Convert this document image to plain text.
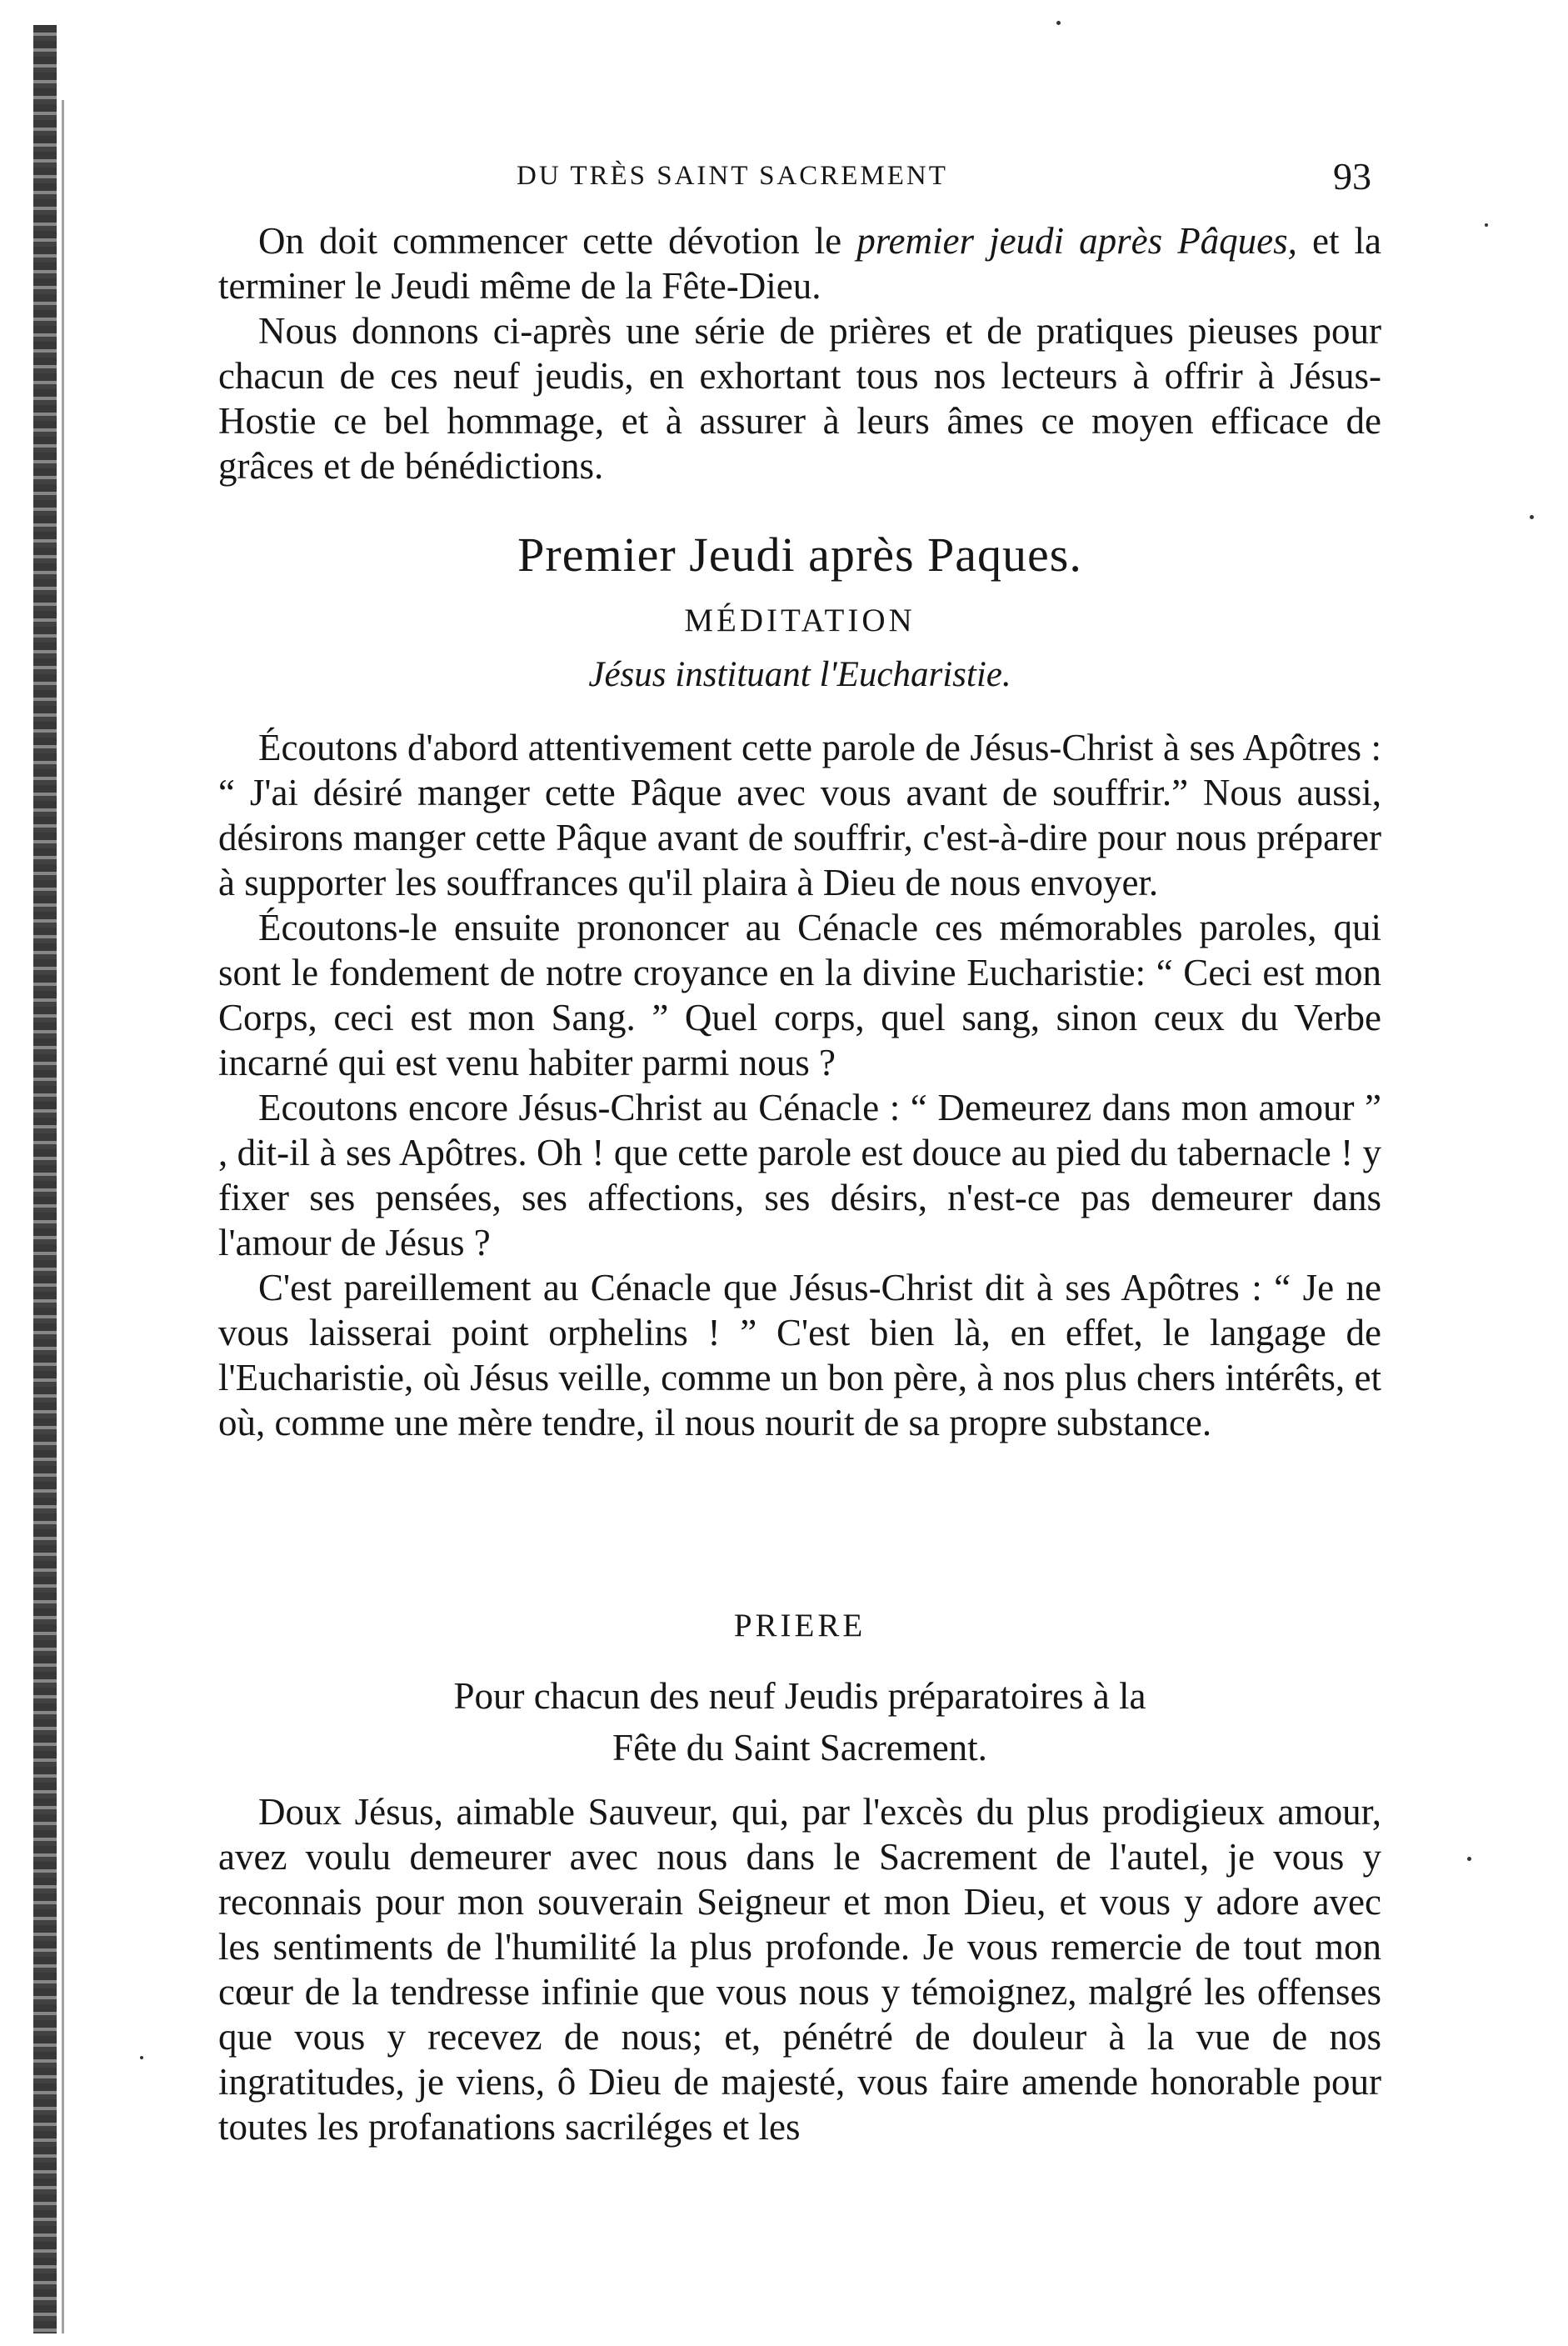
DU TRÈS SAINT SACREMENT	93

On doit commencer cette dévotion le premier jeudi après Pâques, et la terminer le Jeudi même de la Fête-Dieu.

Nous donnons ci-après une série de prières et de pratiques pieuses pour chacun de ces neuf jeudis, en exhortant tous nos lecteurs à offrir à Jésus-Hostie ce bel hommage, et à assurer à leurs âmes ce moyen efficace de grâces et de bénédictions.

Premier Jeudi après Paques.
MÉDITATION
Jésus instituant l'Eucharistie.

Écoutons d'abord attentivement cette parole de Jésus-Christ à ses Apôtres : “ J'ai désiré manger cette Pâque avec vous avant de souffrir.” Nous aussi, désirons manger cette Pâque avant de souffrir, c'est-à-dire pour nous préparer à supporter les souffrances qu'il plaira à Dieu de nous envoyer.

Écoutons-le ensuite prononcer au Cénacle ces mémorables paroles, qui sont le fondement de notre croyance en la divine Eucharistie: “ Ceci est mon Corps, ceci est mon Sang. ” Quel corps, quel sang, sinon ceux du Verbe incarné qui est venu habiter parmi nous ?

Ecoutons encore Jésus-Christ au Cénacle : “ Demeurez dans mon amour ” , dit-il à ses Apôtres. Oh ! que cette parole est douce au pied du tabernacle ! y fixer ses pensées, ses affections, ses désirs, n'est-ce pas demeurer dans l'amour de Jésus ?

C'est pareillement au Cénacle que Jésus-Christ dit à ses Apôtres : “ Je ne vous laisserai point orphelins ! ” C'est bien là, en effet, le langage de l'Eucharistie, où Jésus veille, comme un bon père, à nos plus chers intérêts, et où, comme une mère tendre, il nous nourit de sa propre substance.

PRIERE
Pour chacun des neuf Jeudis préparatoires à la
Fête du Saint Sacrement.

Doux Jésus, aimable Sauveur, qui, par l'excès du plus prodigieux amour, avez voulu demeurer avec nous dans le Sacrement de l'autel, je vous y reconnais pour mon souverain Seigneur et mon Dieu, et vous y adore avec les sentiments de l'humilité la plus profonde. Je vous remercie de tout mon cœur de la tendresse infinie que vous nous y témoignez, malgré les offenses que vous y recevez de nous; et, pénétré de douleur à la vue de nos ingratitudes, je viens, ô Dieu de majesté, vous faire amende honorable pour toutes les profanations sacriléges et les
